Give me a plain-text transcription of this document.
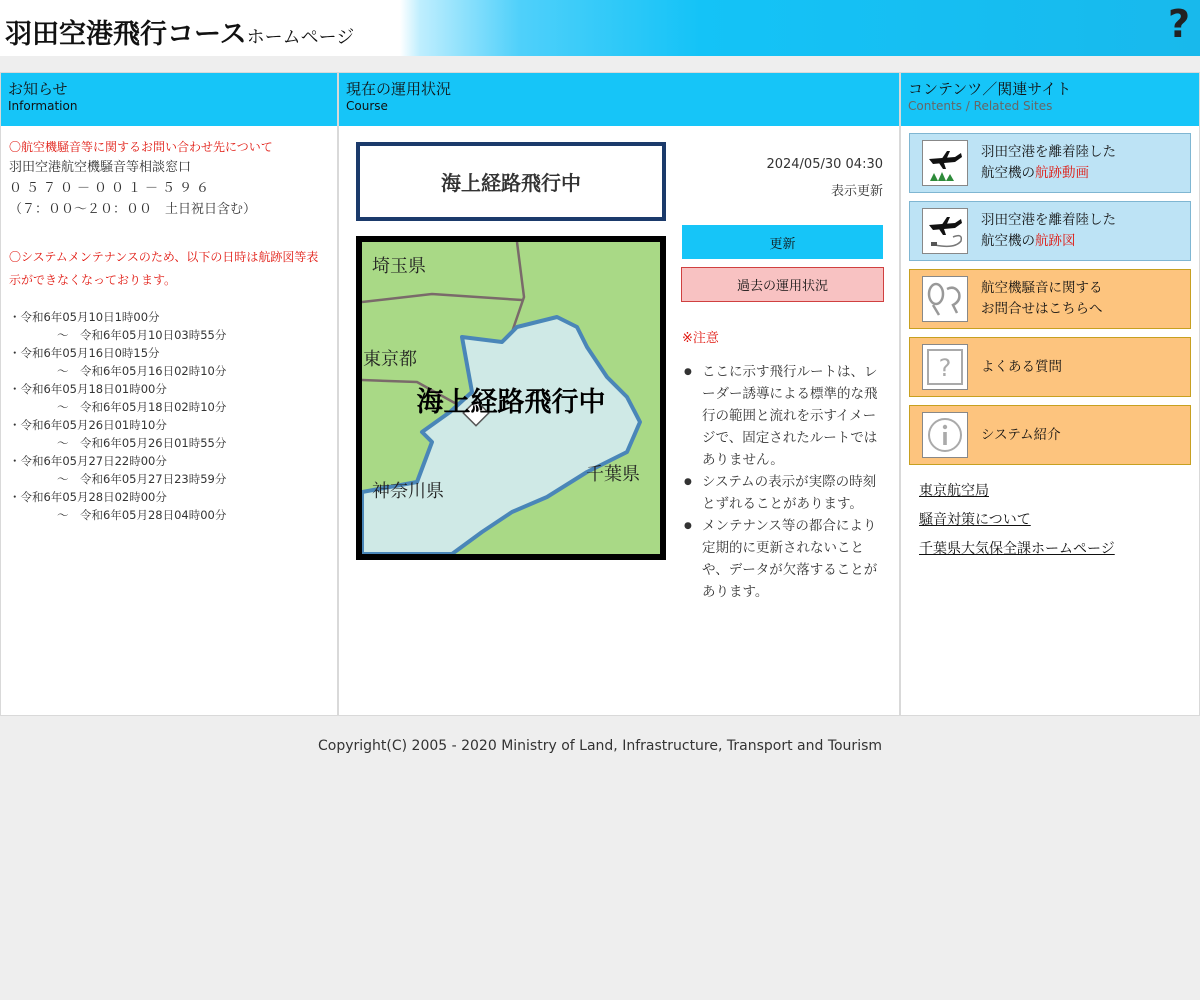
羽田空港飛行コースホームページ	?
お知らせ
Information
〇航空機騒音等に関するお問い合わせ先について
羽田空港航空機騒音等相談窓口
０５７０－００１－５９６
（７：００～２０：００　土日祝日含む）
〇システムメンテナンスのため、以下の日時は航跡図等表示ができなくなっております。
・令和6年05月10日1時00分
～　令和6年05月10日03時55分
・令和6年05月16日0時15分
～　令和6年05月16日02時10分
・令和6年05月18日01時00分
～　令和6年05月18日02時10分
・令和6年05月26日01時10分
～　令和6年05月26日01時55分
・令和6年05月27日22時00分
～　令和6年05月27日23時59分
・令和6年05月28日02時00分
～　令和6年05月28日04時00分
現在の運用状況
Course
海上経路飛行中
埼玉県
東京都
神奈川県
千葉県
海上経路飛行中
2024/05/30 04:30
表示更新
更新
過去の運用状況
※注意
● ここに示す飛行ルートは、レーダー誘導による標準的な飛行の範囲と流れを示すイメージで、固定されたルートではありません。
● システムの表示が実際の時刻とずれることがあります。
● メンテナンス等の都合により定期的に更新されないことや、データが欠落することがあります。
コンテンツ／関連サイト
Contents / Related Sites
羽田空港を離着陸した
航空機の航跡動画
羽田空港を離着陸した
航空機の航跡図
航空機騒音に関する
お問合せはこちらへ
? よくある質問
システム紹介
東京航空局
騒音対策について
千葉県大気保全課ホームページ
Copyright(C) 2005 - 2020 Ministry of Land, Infrastructure, Transport and Tourism
